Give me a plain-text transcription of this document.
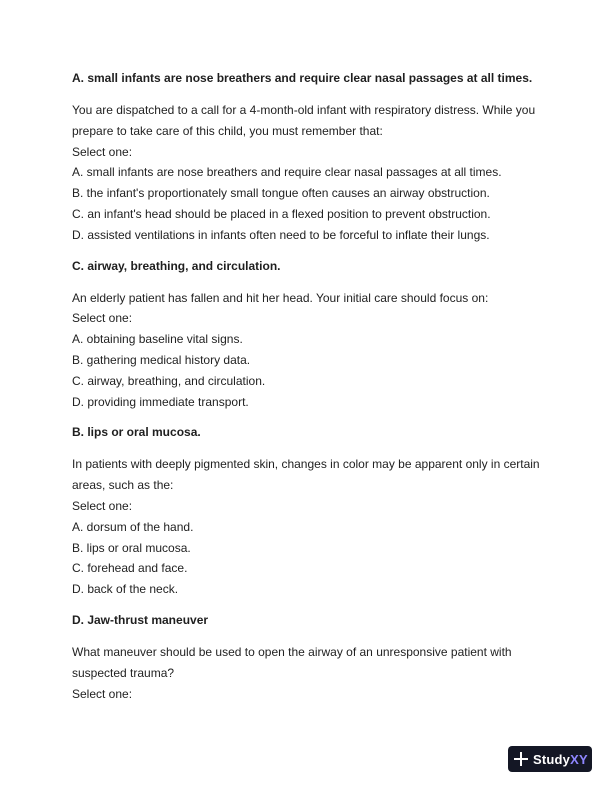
A. small infants are nose breathers and require clear nasal passages at all times.

You are dispatched to a call for a 4-month-old infant with respiratory distress. While you

prepare to take care of this child, you must remember that:

Select one:

A. small infants are nose breathers and require clear nasal passages at all times.
B. the infant's proportionately small tongue often causes an airway obstruction.
C. an infant's head should be placed in a flexed position to prevent obstruction.
D. assisted ventilations in infants often need to be forceful to inflate their lungs.

C. airway, breathing, and circulation.

An elderly patient has fallen and hit her head. Your initial care should focus on:

Select one:

A. obtaining baseline vital signs.
B. gathering medical history data.
C. airway, breathing, and circulation.
D. providing immediate transport.

B. lips or oral mucosa.

In patients with deeply pigmented skin, changes in color may be apparent only in certain

areas, such as the:

Select one:

A. dorsum of the hand.
B. lips or oral mucosa.
C. forehead and face.
D. back of the neck.

D. Jaw-thrust maneuver

What maneuver should be used to open the airway of an unresponsive patient with

suspected trauma?

Select one:

StudyXY
